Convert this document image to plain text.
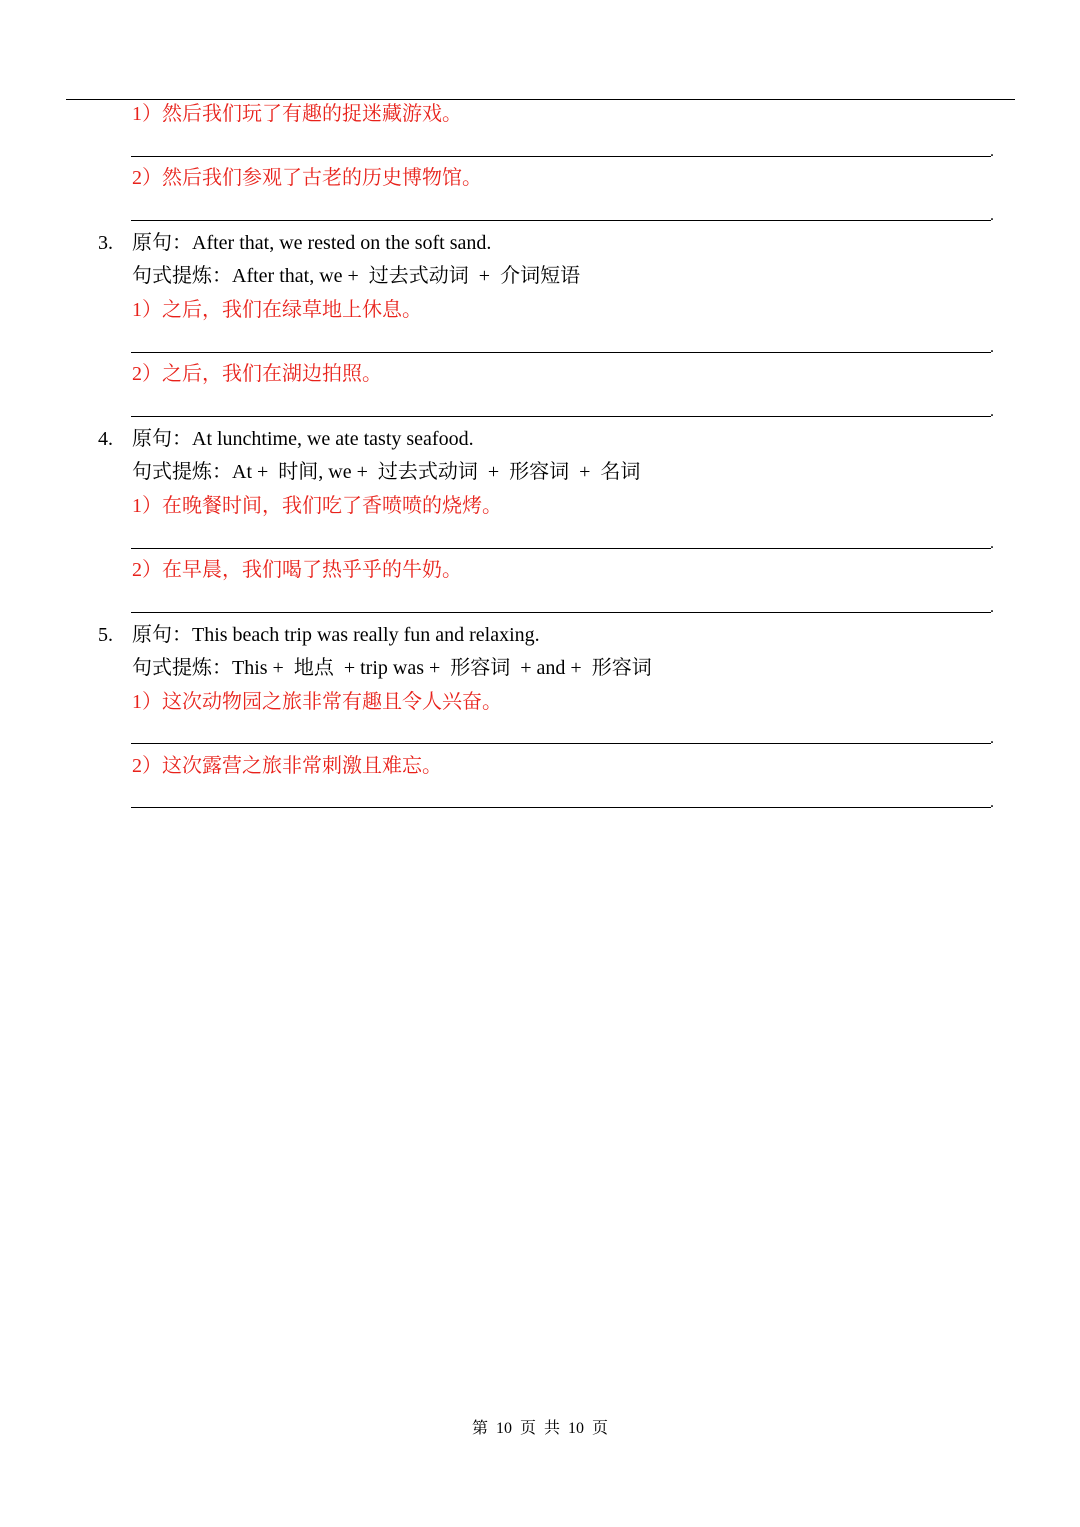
1）然后我们玩了有趣的捉迷藏游戏。
.
2）然后我们参观了古老的历史博物馆。
.
3. 原句：After that, we rested on the soft sand.
句式提炼：After that, we +  过去式动词  +  介词短语
1）之后，我们在绿草地上休息。
.
2）之后，我们在湖边拍照。
.
4. 原句：At lunchtime, we ate tasty seafood.
句式提炼：At +  时间, we +  过去式动词  +  形容词  +  名词
1）在晚餐时间，我们吃了香喷喷的烧烤。
.
2）在早晨，我们喝了热乎乎的牛奶。
.
5. 原句：This beach trip was really fun and relaxing.
句式提炼：This +  地点  + trip was +  形容词  + and +  形容词
1）这次动物园之旅非常有趣且令人兴奋。
.
2）这次露营之旅非常刺激且难忘。
.
第  10  页  共  10  页
